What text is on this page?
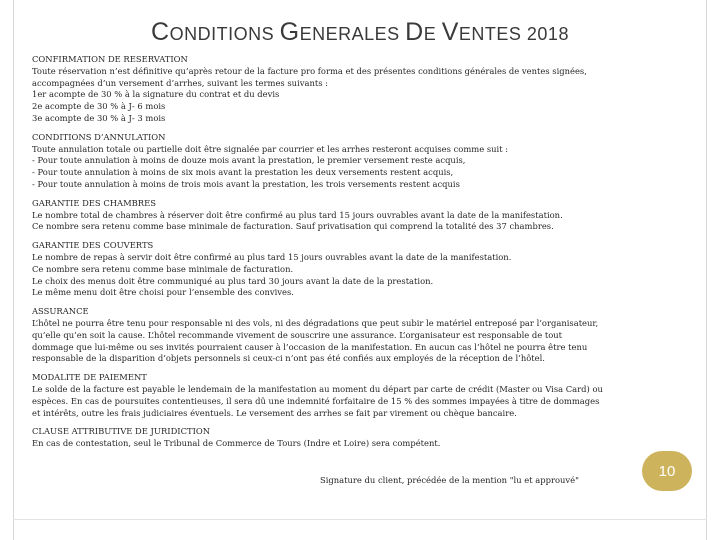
CONDITIONS GENERALES DE VENTES 2018
CONFIRMATION DE RESERVATION
Toute réservation n’est définitive qu’après retour de la facture pro forma et des présentes conditions générales de ventes signées,
accompagnées d’un versement d’arrhes, suivant les termes suivants :
1er acompte de 30 % à la signature du contrat et du devis
2e acompte de 30 % à J- 6 mois
3e acompte de 30 % à J- 3 mois
CONDITIONS D’ANNULATION
Toute annulation totale ou partielle doit être signalée par courrier et les arrhes resteront acquises comme suit :
- Pour toute annulation à moins de douze mois avant la prestation, le premier versement reste acquis,
- Pour toute annulation à moins de six mois avant la prestation les deux versements restent acquis,
- Pour toute annulation à moins de trois mois avant la prestation, les trois versements restent acquis
GARANTIE DES CHAMBRES
Le nombre total de chambres à réserver doit être confirmé au plus tard 15 jours ouvrables avant la date de la manifestation.
Ce nombre sera retenu comme base minimale de facturation. Sauf privatisation qui comprend la totalité des 37 chambres.
GARANTIE DES COUVERTS
Le nombre de repas à servir doit être confirmé au plus tard 15 jours ouvrables avant la date de la manifestation.
Ce nombre sera retenu comme base minimale de facturation.
Le choix des menus doit être communiqué au plus tard 30 jours avant la date de la prestation.
Le même menu doit être choisi pour l’ensemble des convives.
ASSURANCE
L’hôtel ne pourra être tenu pour responsable ni des vols, ni des dégradations que peut subir le matériel entreposé par l’organisateur,
qu’elle qu’en soit la cause. L’hôtel recommande vivement de souscrire une assurance. L’organisateur est responsable de tout
dommage que lui-même ou ses invités pourraient causer à l’occasion de la manifestation. En aucun cas l’hôtel ne pourra être tenu
responsable de la disparition d’objets personnels si ceux-ci n’ont pas été confiés aux employés de la réception de l’hôtel.
MODALITE DE PAIEMENT
Le solde de la facture est payable le lendemain de la manifestation au moment du départ par carte de crédit (Master ou Visa Card) ou
espèces. En cas de poursuites contentieuses, il sera dû une indemnité forfaitaire de 15 % des sommes impayées à titre de dommages
et intérêts, outre les frais judiciaires éventuels. Le versement des arrhes se fait par virement ou chèque bancaire.
CLAUSE ATTRIBUTIVE DE JURIDICTION
En cas de contestation, seul le Tribunal de Commerce de Tours (Indre et Loire) sera compétent.
Signature du client, précédée de la mention "lu et approuvé"
10
